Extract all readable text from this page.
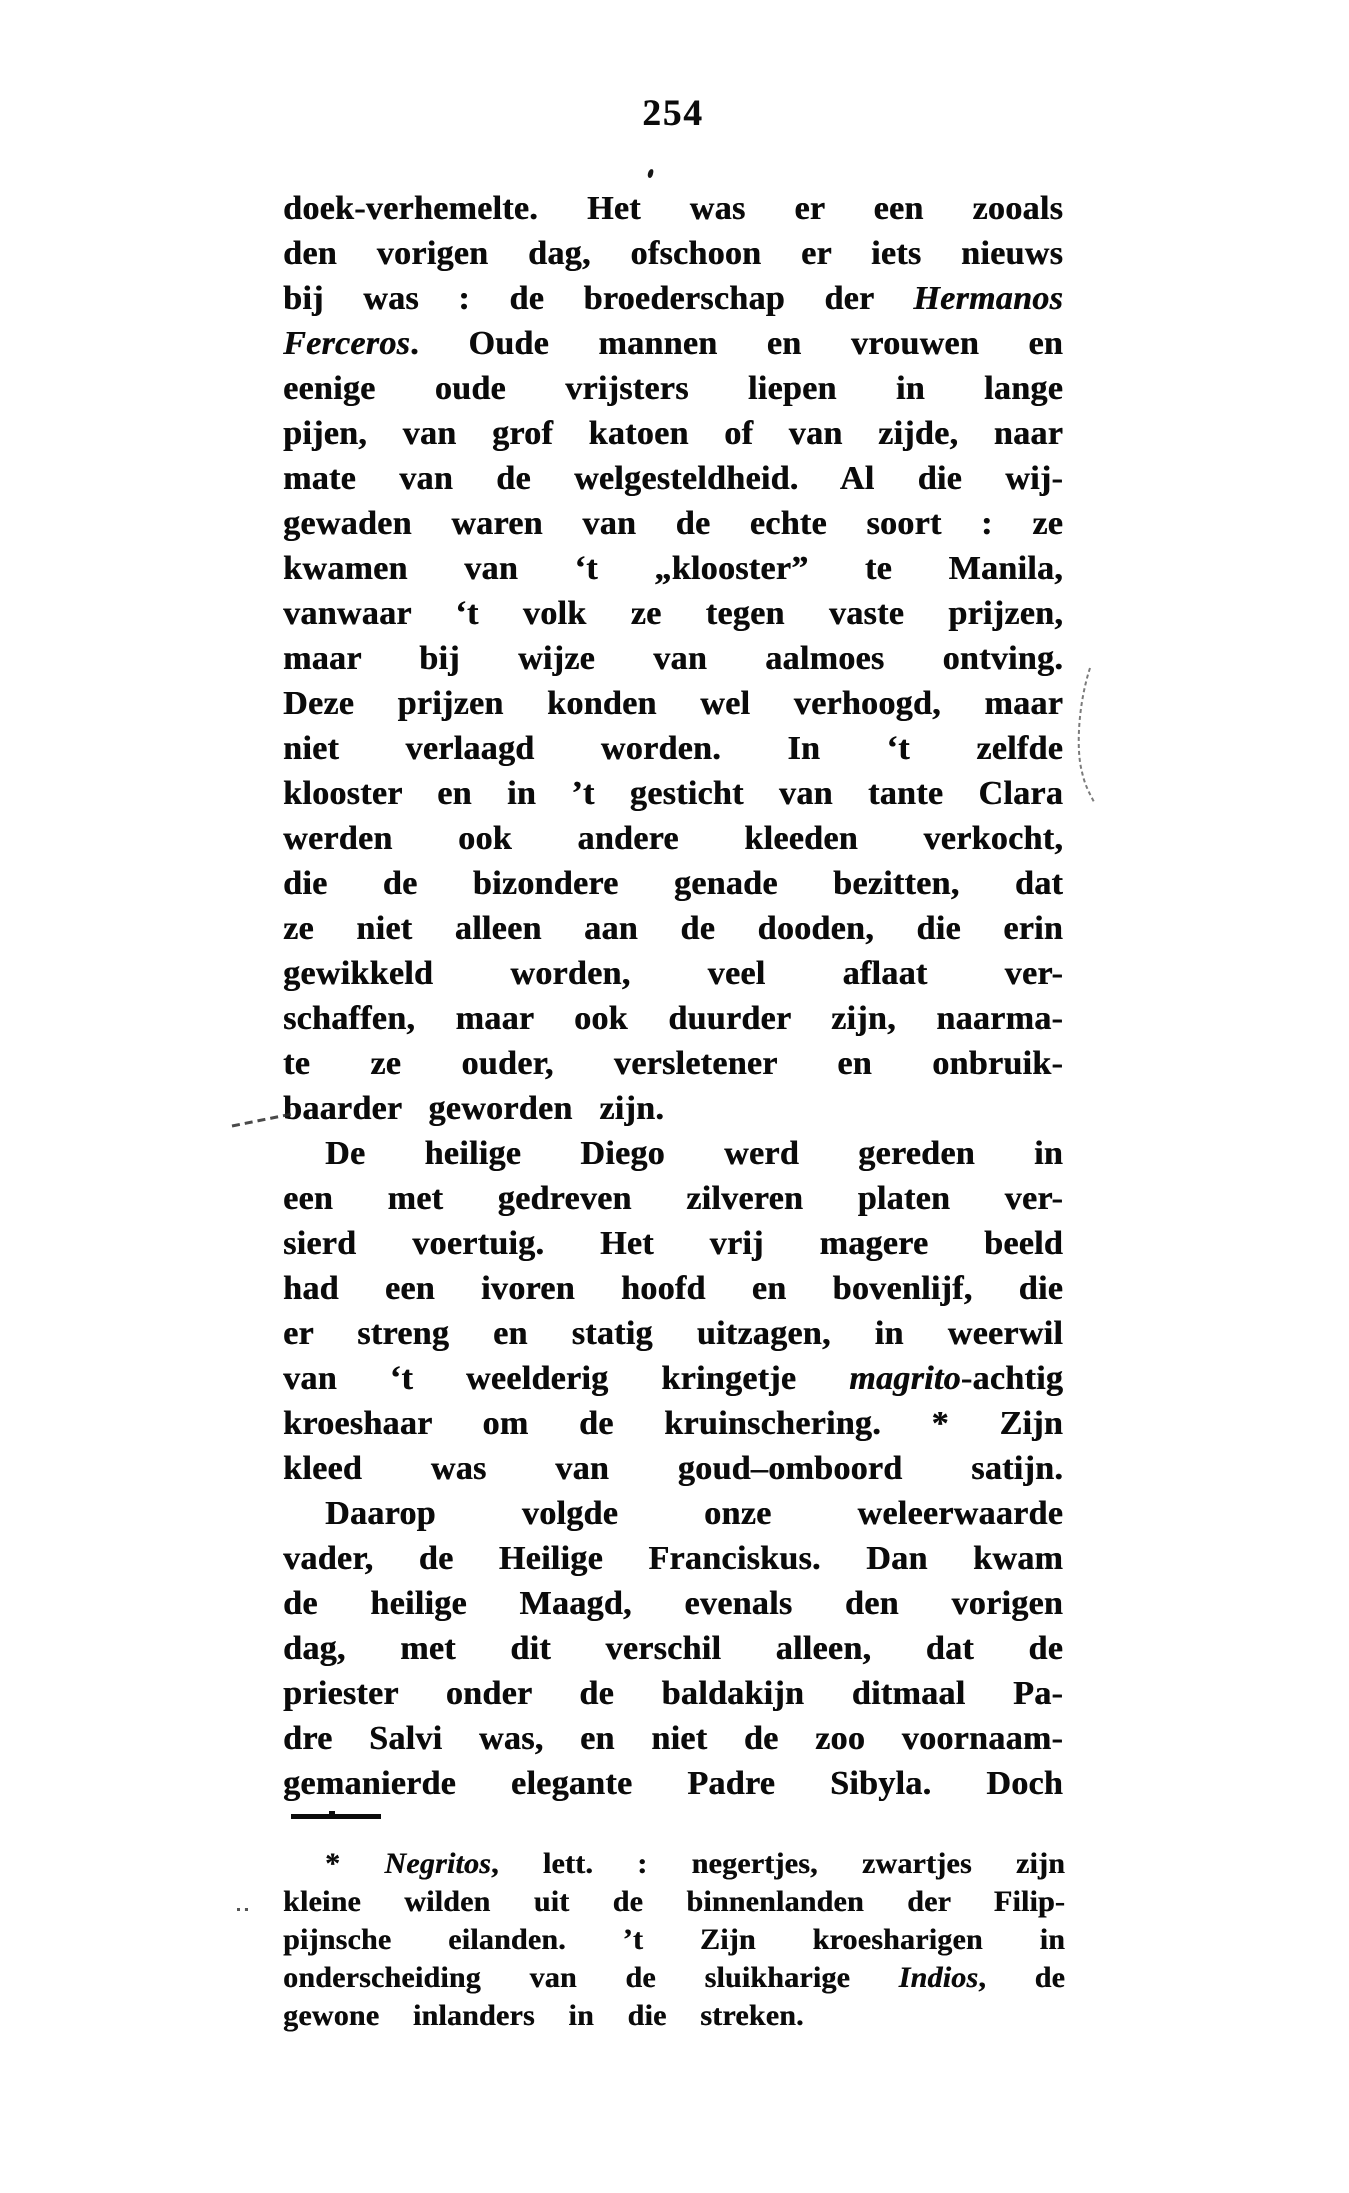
254
doek-verhemelte. Het was er een zooals
den vorigen dag, ofschoon er iets nieuws
bij was : de broederschap der Hermanos
Ferceros. Oude mannen en vrouwen en
eenige oude vrijsters liepen in lange
pijen, van grof katoen of van zijde, naar
mate van de welgesteldheid. Al die wij-
gewaden waren van de echte soort : ze
kwamen van ‘t „klooster” te Manila,
vanwaar ‘t volk ze tegen vaste prijzen,
maar bij wijze van aalmoes ontving.
Deze prijzen konden wel verhoogd, maar
niet verlaagd worden. In ‘t zelfde
klooster en in ’t gesticht van tante Clara
werden ook andere kleeden verkocht,
die de bizondere genade bezitten, dat
ze niet alleen aan de dooden, die erin
gewikkeld worden, veel aflaat ver-
schaffen, maar ook duurder zijn, naarma-
te ze ouder, versletener en onbruik-
baarder geworden zijn.
De heilige Diego werd gereden in
een met gedreven zilveren platen ver-
sierd voertuig. Het vrij magere beeld
had een ivoren hoofd en bovenlijf, die
er streng en statig uitzagen, in weerwil
van ‘t weelderig kringetje magrito-achtig
kroeshaar om de kruinschering. * Zijn
kleed was van goud–omboord satijn.
Daarop volgde onze weleerwaarde
vader, de Heilige Franciskus. Dan kwam
de heilige Maagd, evenals den vorigen
dag, met dit verschil alleen, dat de
priester onder de baldakijn ditmaal Pa-
dre Salvi was, en niet de zoo voornaam-
gemanierde elegante Padre Sibyla. Doch
* Negritos, lett. : negertjes, zwartjes zijn
kleine wilden uit de binnenlanden der Filip-
pijnsche eilanden. ’t Zijn kroesharigen in
onderscheiding van de sluikharige Indios, de
gewone inlanders in die streken.
